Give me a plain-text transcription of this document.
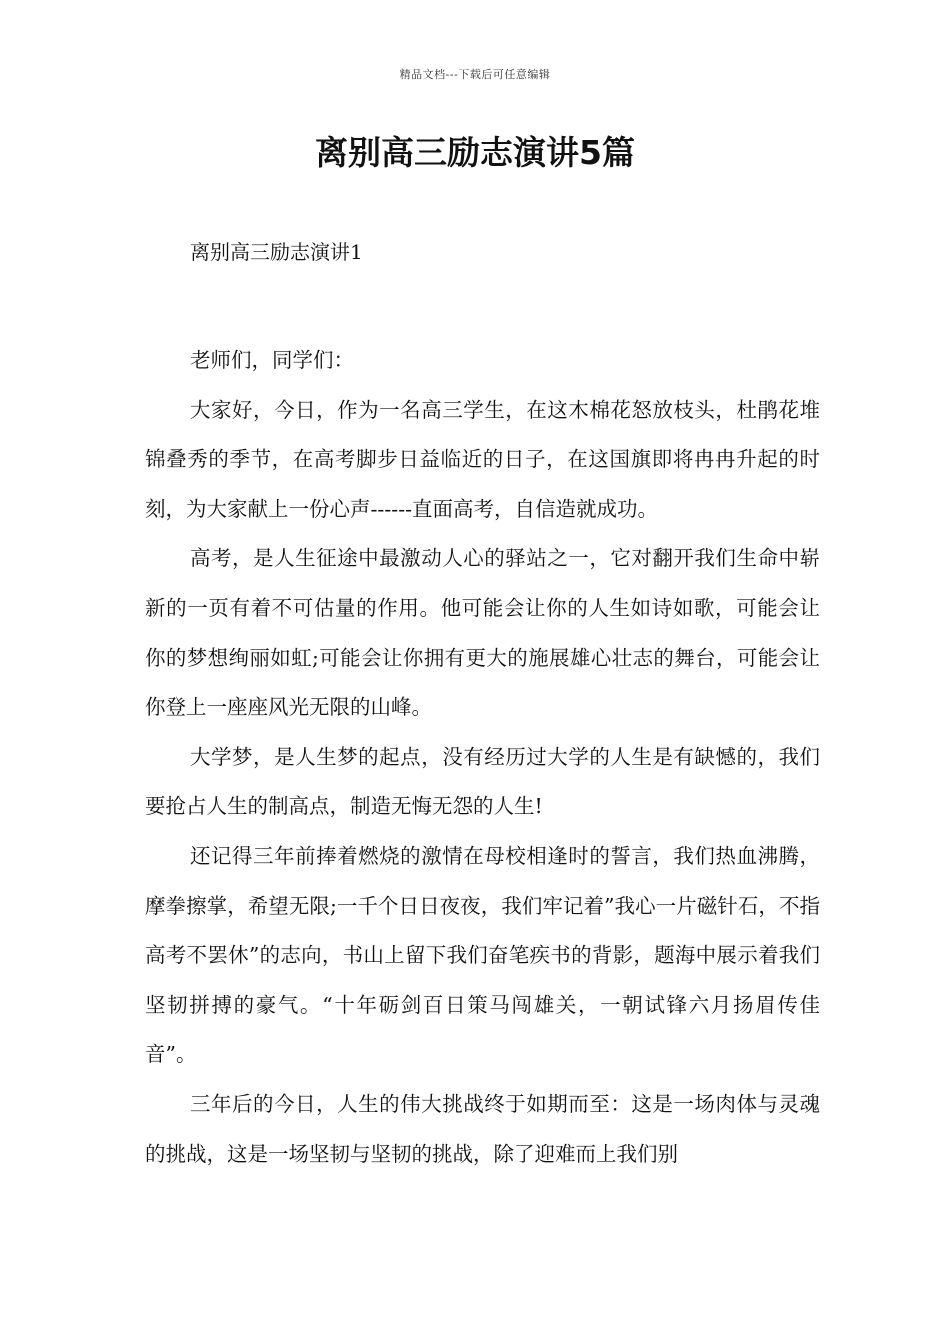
精品文档---下载后可任意编辑
离别高三励志演讲5篇
离别高三励志演讲1

老师们，同学们：

大家好，今日，作为一名高三学生，在这木棉花怒放枝头，杜鹃花堆锦叠秀的季节，在高考脚步日益临近的日子，在这国旗即将冉冉升起的时刻，为大家献上一份心声------直面高考，自信造就成功。

高考，是人生征途中最激动人心的驿站之一，它对翻开我们生命中崭新的一页有着不可估量的作用。他可能会让你的人生如诗如歌，可能会让你的梦想绚丽如虹;可能会让你拥有更大的施展雄心壮志的舞台，可能会让你登上一座座风光无限的山峰。

大学梦，是人生梦的起点，没有经历过大学的人生是有缺憾的，我们要抢占人生的制高点，制造无悔无怨的人生!

还记得三年前捧着燃烧的激情在母校相逢时的誓言，我们热血沸腾，摩拳擦掌，希望无限;一千个日日夜夜，我们牢记着”我心一片磁针石，不指高考不罢休”的志向，书山上留下我们奋笔疾书的背影，题海中展示着我们坚韧拼搏的豪气。“十年砺剑百日策马闯雄关，一朝试锋六月扬眉传佳音”。

三年后的今日，人生的伟大挑战终于如期而至：这是一场肉体与灵魂的挑战，这是一场坚韧与坚韧的挑战，除了迎难而上我们别
